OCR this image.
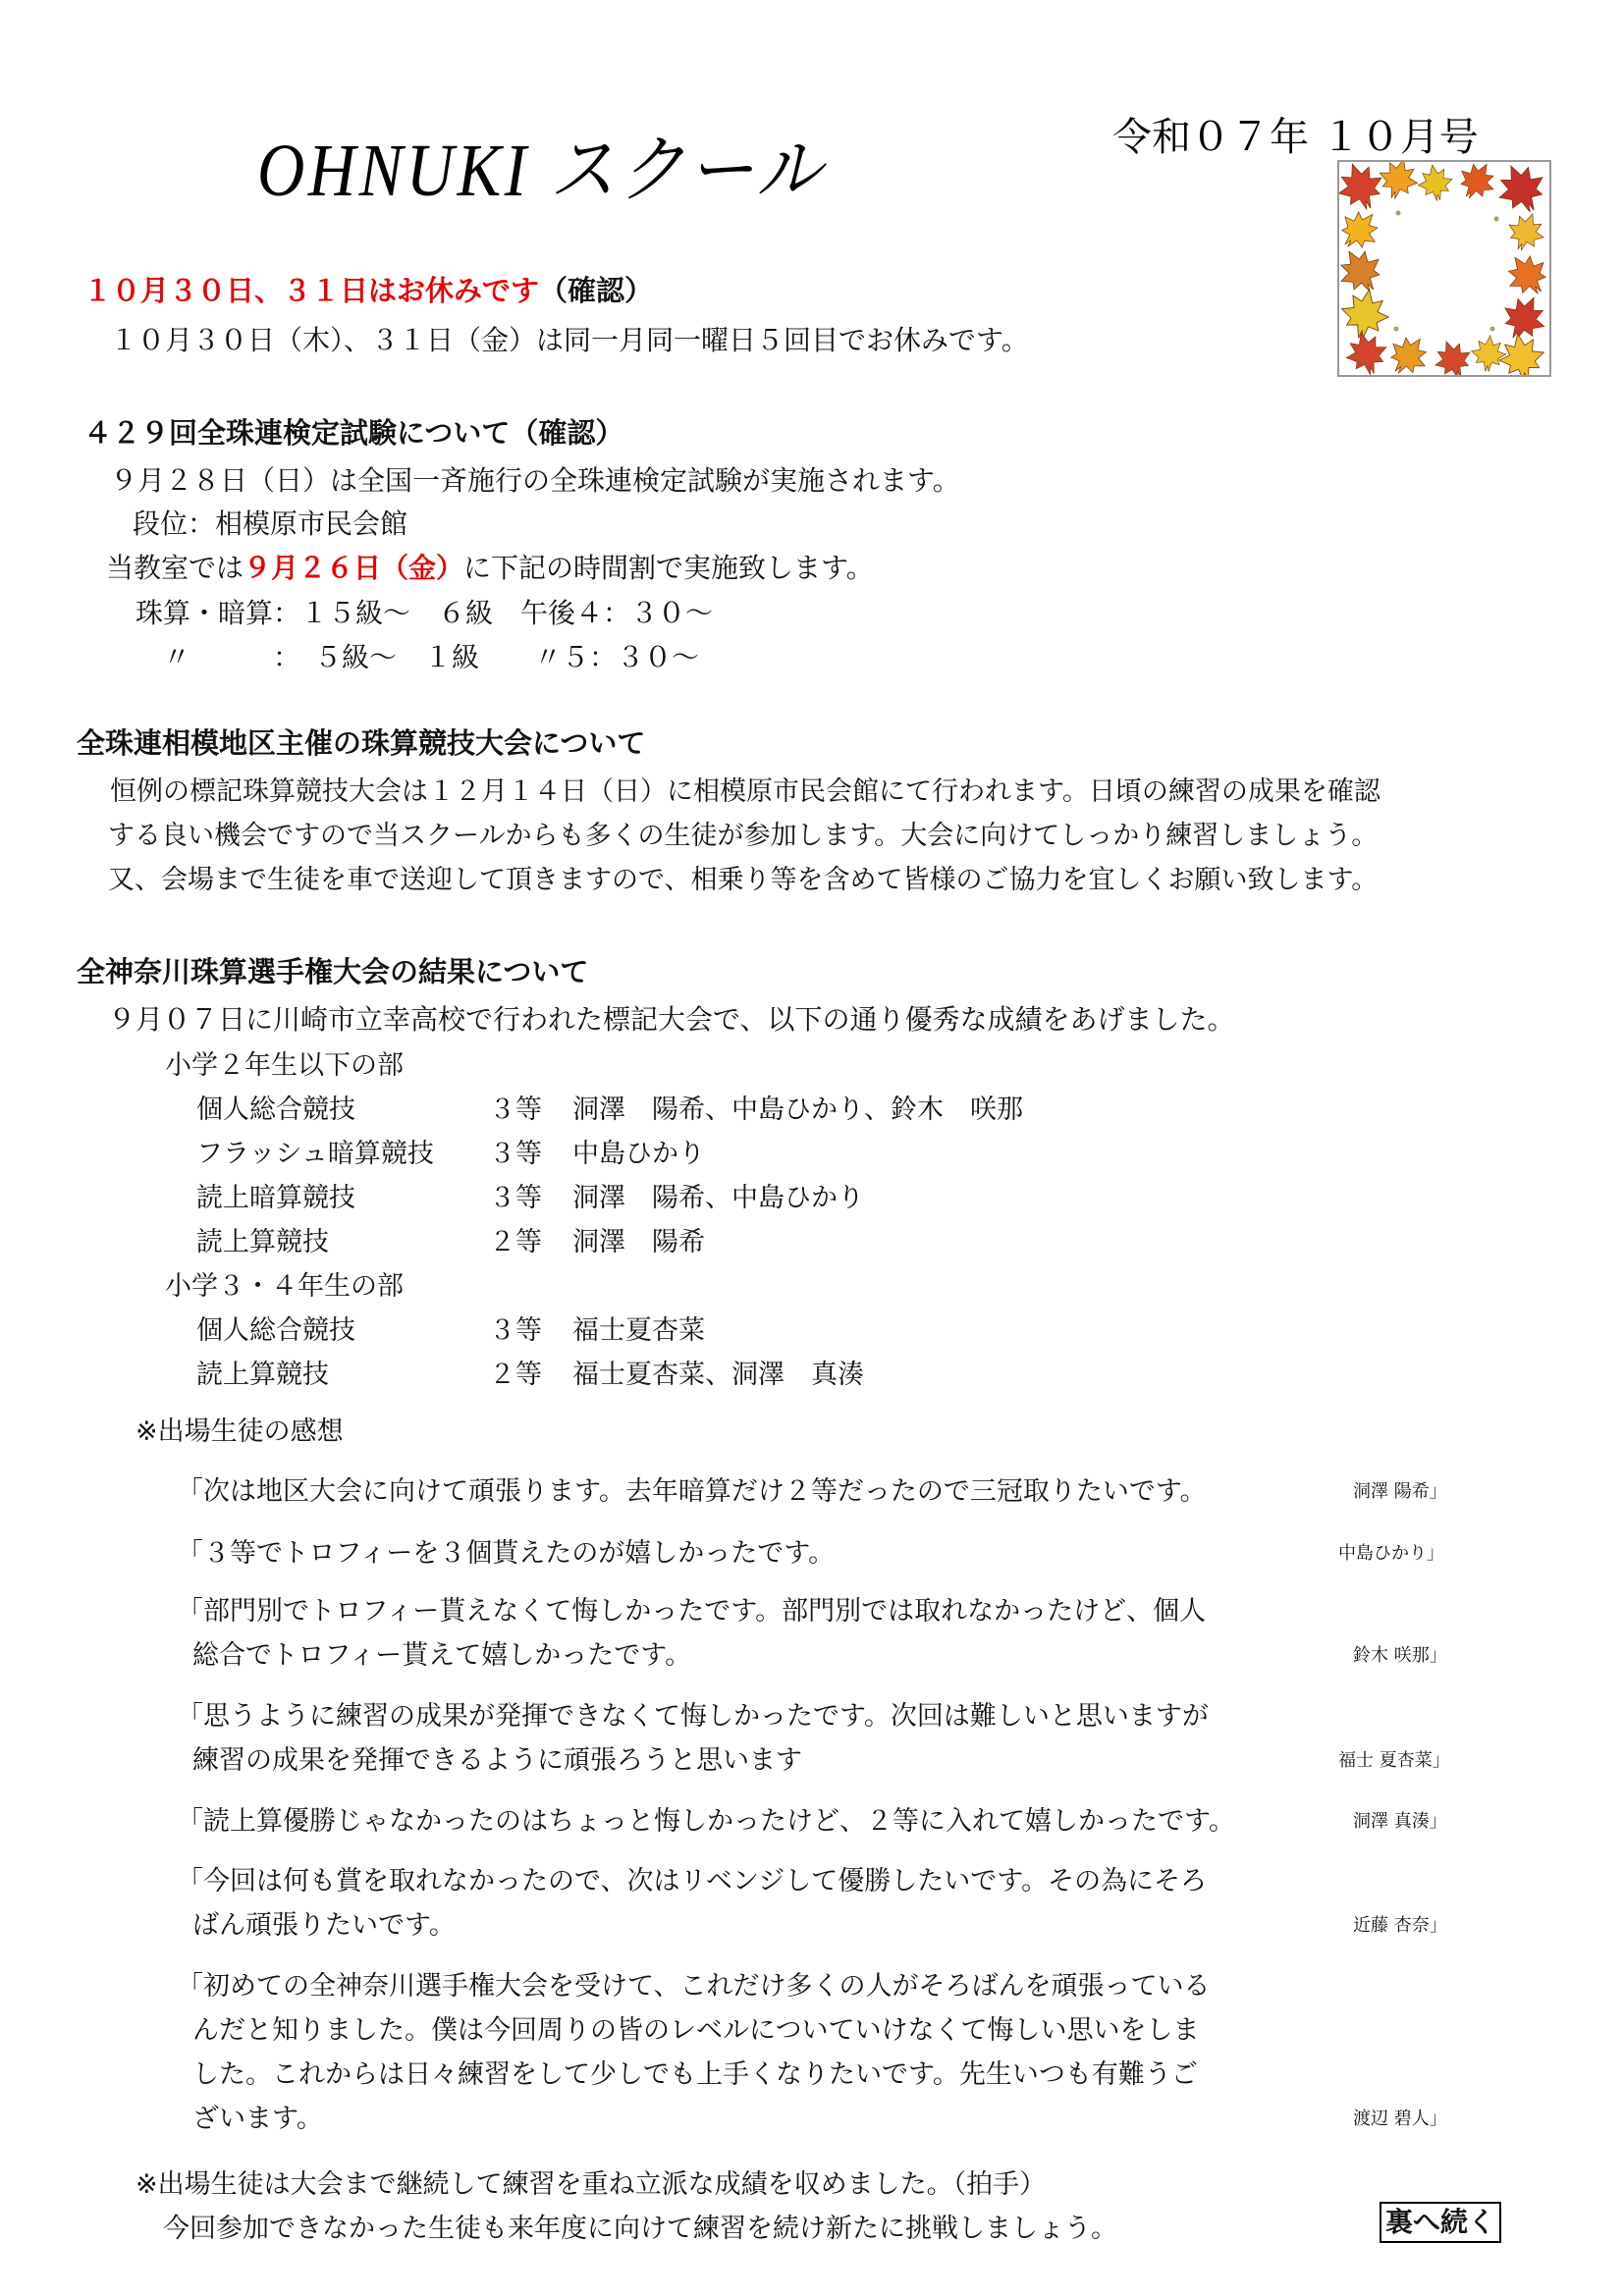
OHNUKI スクール	令和０７年 １０月号
１０月３０日、３１日はお休みです（確認）
１０月３０日（木）、３１日（金）は同一月同一曜日５回目でお休みです。
４２９回全珠連検定試験について（確認）
９月２８日（日）は全国一斉施行の全珠連検定試験が実施されます。
段位：相模原市民会館
当教室では９月２６日（金）に下記の時間割で実施致します。
珠算・暗算：１５級～　６級　午後４：３０～
〃　　　：　５級～　１級　　〃５：３０～
全珠連相模地区主催の珠算競技大会について
恒例の標記珠算競技大会は１２月１４日（日）に相模原市民会館にて行われます。日頃の練習の成果を確認
する良い機会ですので当スクールからも多くの生徒が参加します。大会に向けてしっかり練習しましょう。
又、会場まで生徒を車で送迎して頂きますので、相乗り等を含めて皆様のご協力を宜しくお願い致します。
全神奈川珠算選手権大会の結果について
９月０７日に川崎市立幸高校で行われた標記大会で、以下の通り優秀な成績をあげました。
小学２年生以下の部
個人総合競技	３等 洞澤　陽希、中島ひかり、鈴木　咲那
フラッシュ暗算競技 ３等 中島ひかり
読上暗算競技	３等 洞澤　陽希、中島ひかり
読上算競技	２等 洞澤　陽希
小学３・４年生の部
個人総合競技	３等 福士夏杏菜
読上算競技	２等 福士夏杏菜、洞澤　真湊
※出場生徒の感想
「次は地区大会に向けて頑張ります。去年暗算だけ２等だったので三冠取りたいです。	洞澤 陽希」
「３等でトロフィーを３個貰えたのが嬉しかったです。	中島ひかり」
「部門別でトロフィー貰えなくて悔しかったです。部門別では取れなかったけど、個人
総合でトロフィー貰えて嬉しかったです。	鈴木 咲那」
「思うように練習の成果が発揮できなくて悔しかったです。次回は難しいと思いますが
練習の成果を発揮できるように頑張ろうと思います	福士 夏杏菜」
「読上算優勝じゃなかったのはちょっと悔しかったけど、２等に入れて嬉しかったです。	洞澤 真湊」
「今回は何も賞を取れなかったので、次はリベンジして優勝したいです。その為にそろ
ばん頑張りたいです。	近藤 杏奈」
「初めての全神奈川選手権大会を受けて、これだけ多くの人がそろばんを頑張っている
んだと知りました。僕は今回周りの皆のレベルについていけなくて悔しい思いをしま
した。これからは日々練習をして少しでも上手くなりたいです。先生いつも有難うご
ざいます。	渡辺 碧人」
※出場生徒は大会まで継続して練習を重ね立派な成績を収めました。（拍手）
今回参加できなかった生徒も来年度に向けて練習を続け新たに挑戦しましょう。	裏へ続く
